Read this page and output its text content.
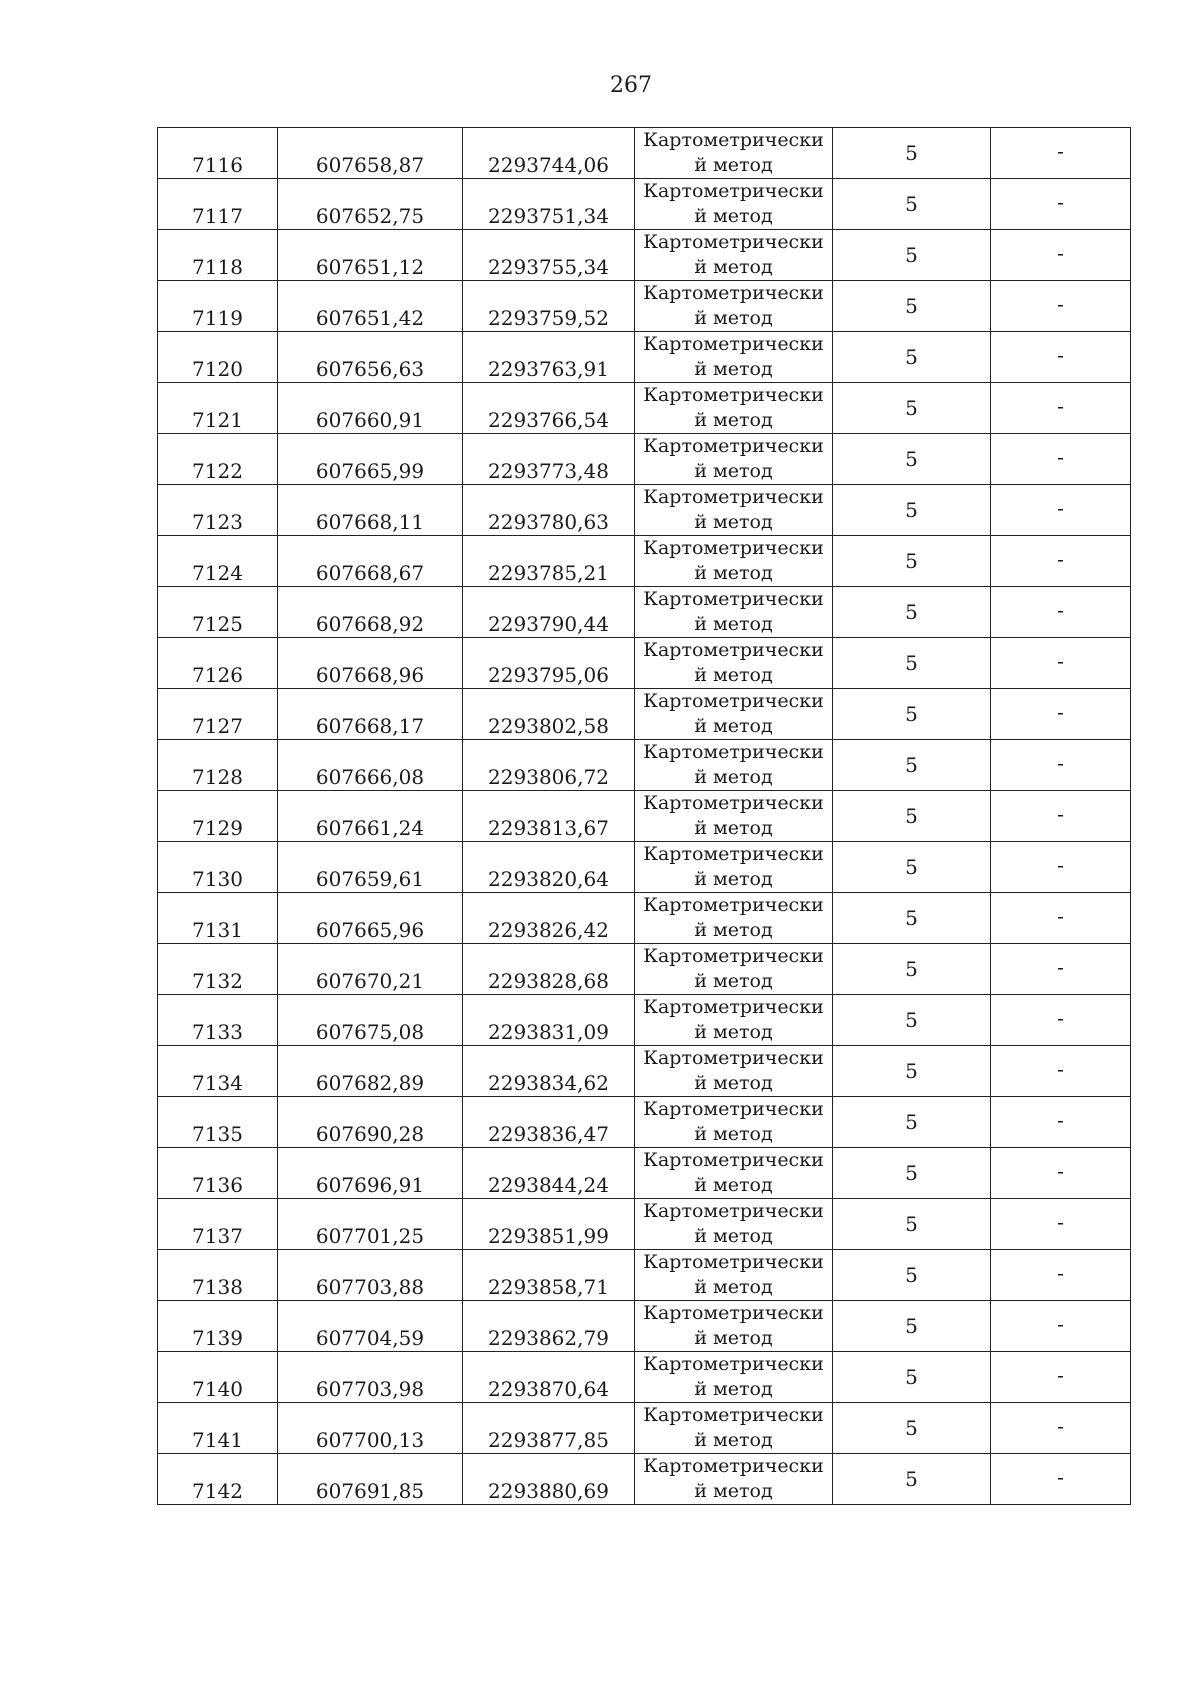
267
7116	607658,87	2293744,06	Картометрически
й метод	5	-
7117	607652,75	2293751,34	Картометрически
й метод	5	-
7118	607651,12	2293755,34	Картометрически
й метод	5	-
7119	607651,42	2293759,52	Картометрически
й метод	5	-
7120	607656,63	2293763,91	Картометрически
й метод	5	-
7121	607660,91	2293766,54	Картометрически
й метод	5	-
7122	607665,99	2293773,48	Картометрически
й метод	5	-
7123	607668,11	2293780,63	Картометрически
й метод	5	-
7124	607668,67	2293785,21	Картометрически
й метод	5	-
7125	607668,92	2293790,44	Картометрически
й метод	5	-
7126	607668,96	2293795,06	Картометрически
й метод	5	-
7127	607668,17	2293802,58	Картометрически
й метод	5	-
7128	607666,08	2293806,72	Картометрически
й метод	5	-
7129	607661,24	2293813,67	Картометрически
й метод	5	-
7130	607659,61	2293820,64	Картометрически
й метод	5	-
7131	607665,96	2293826,42	Картометрически
й метод	5	-
7132	607670,21	2293828,68	Картометрически
й метод	5	-
7133	607675,08	2293831,09	Картометрически
й метод	5	-
7134	607682,89	2293834,62	Картометрически
й метод	5	-
7135	607690,28	2293836,47	Картометрически
й метод	5	-
7136	607696,91	2293844,24	Картометрически
й метод	5	-
7137	607701,25	2293851,99	Картометрически
й метод	5	-
7138	607703,88	2293858,71	Картометрически
й метод	5	-
7139	607704,59	2293862,79	Картометрически
й метод	5	-
7140	607703,98	2293870,64	Картометрически
й метод	5	-
7141	607700,13	2293877,85	Картометрически
й метод	5	-
7142	607691,85	2293880,69	Картометрически
й метод	5	-
